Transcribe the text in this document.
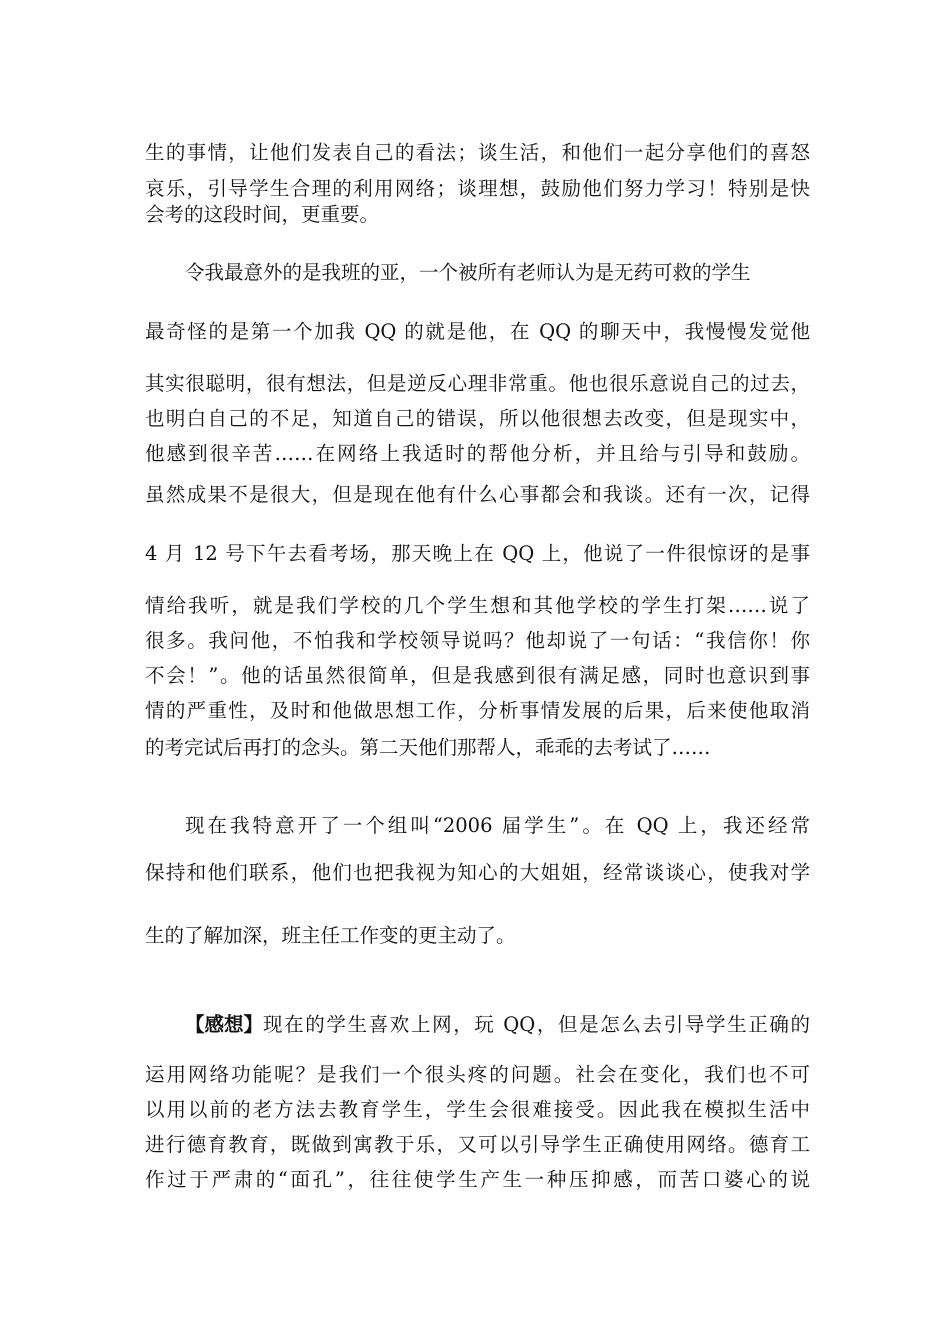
生的事情，让他们发表自己的看法；谈生活，和他们一起分享他们的喜怒
哀乐，引导学生合理的利用网络；谈理想，鼓励他们努力学习！特别是快
会考的这段时间，更重要。
令我最意外的是我班的亚，一个被所有老师认为是无药可救的学生
最奇怪的是第一个加我 QQ 的就是他，在 QQ 的聊天中，我慢慢发觉他
其实很聪明，很有想法，但是逆反心理非常重。他也很乐意说自己的过去，
也明白自己的不足，知道自己的错误，所以他很想去改变，但是现实中，
他感到很辛苦……在网络上我适时的帮他分析，并且给与引导和鼓励。
虽然成果不是很大，但是现在他有什么心事都会和我谈。还有一次，记得
4 月 12 号下午去看考场，那天晚上在 QQ 上，他说了一件很惊讶的是事
情给我听，就是我们学校的几个学生想和其他学校的学生打架……说了
很多。我问他，不怕我和学校领导说吗？他却说了一句话：“我信你！你
不会！”。他的话虽然很简单，但是我感到很有满足感，同时也意识到事
情的严重性，及时和他做思想工作，分析事情发展的后果，后来使他取消
的考完试后再打的念头。第二天他们那帮人，乖乖的去考试了……
现在我特意开了一个组叫“2006 届学生”。在 QQ 上，我还经常
保持和他们联系，他们也把我视为知心的大姐姐，经常谈谈心，使我对学
生的了解加深，班主任工作变的更主动了。
【感想】 现在的学生喜欢上网，玩 QQ，但是怎么去引导学生正确的
运用网络功能呢？是我们一个很头疼的问题。社会在变化，我们也不可
以用以前的老方法去教育学生，学生会很难接受。因此我在模拟生活中
进行德育教育，既做到寓教于乐，又可以引导学生正确使用网络。德育工
作过于严肃的“面孔”，往往使学生产生一种压抑感，而苦口婆心的说
